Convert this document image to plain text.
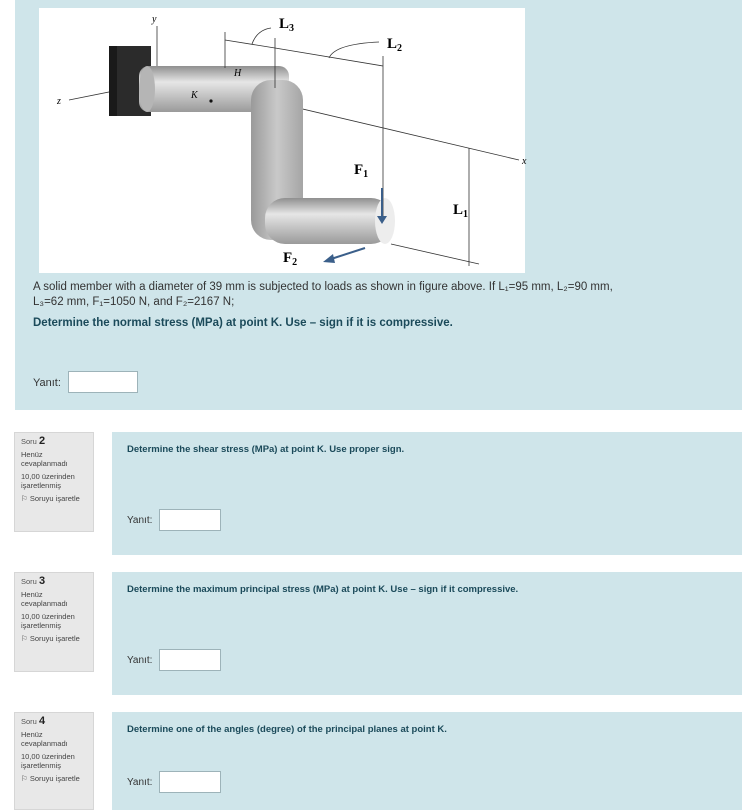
y
z
x
H
K
$L_3$
$L_2$
$L_1$
$F_1$
$F_2$
A solid member with a diameter of 39 mm is subjected to loads as shown in figure above. If L₁=95 mm, L₂=90 mm,
L₃=62 mm, F₁=1050 N, and F₂=2167 N;
Determine the normal stress (MPa) at point K. Use – sign if it is compressive.
Yanıt:
Soru 2
Henüz cevaplanmadı
10,00 üzerinden işaretlenmiş
⚐ Soruyu işaretle
Determine the shear stress (MPa) at point K. Use proper sign.
Yanıt:
Soru 3
Henüz cevaplanmadı
10,00 üzerinden işaretlenmiş
⚐ Soruyu işaretle
Determine the maximum principal stress (MPa) at point K. Use – sign if it compressive.
Yanıt:
Soru 4
Henüz cevaplanmadı
10,00 üzerinden işaretlenmiş
⚐ Soruyu işaretle
Determine one of the angles (degree) of the principal planes at point K.
Yanıt:
